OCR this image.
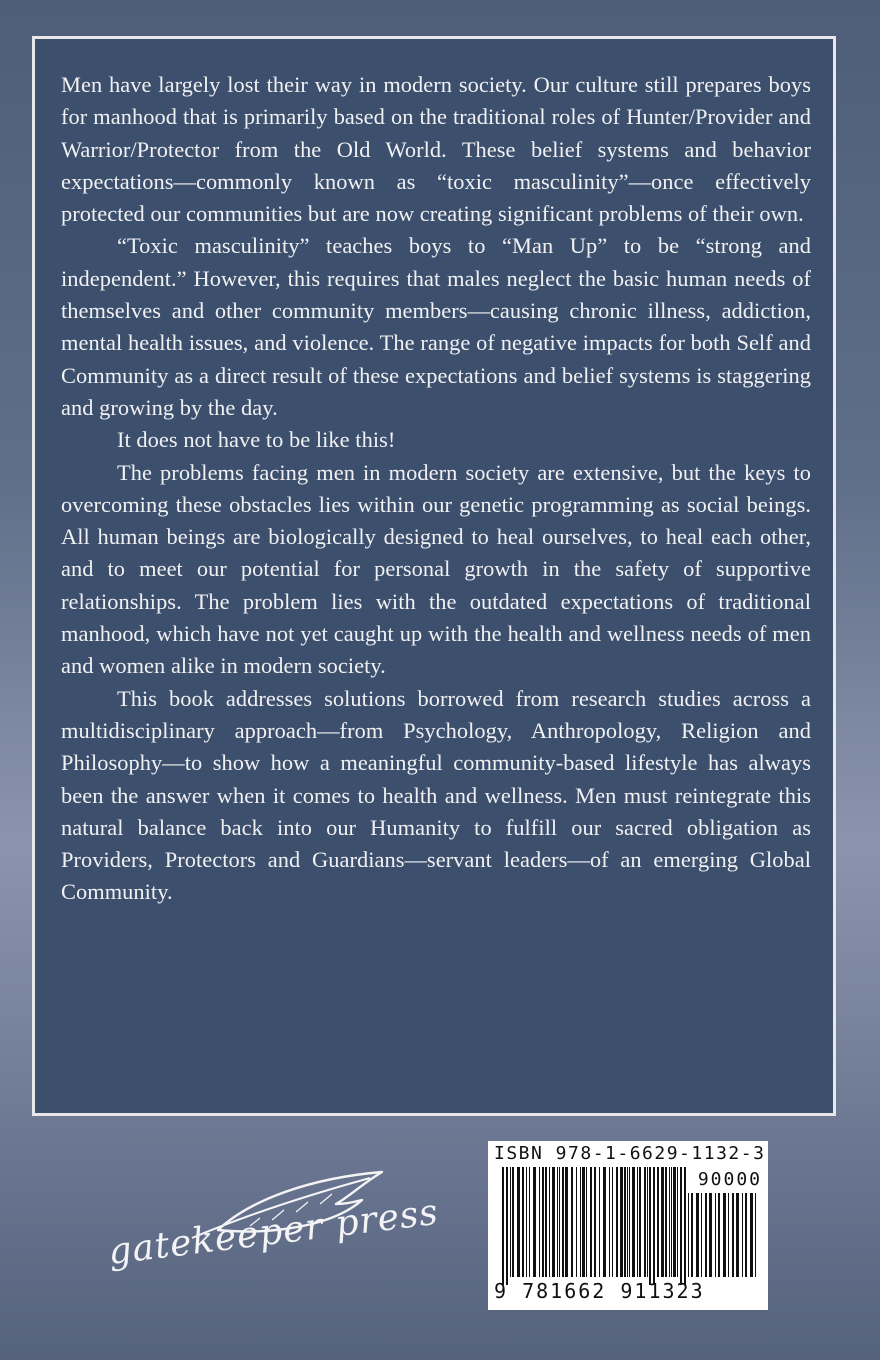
Men have largely lost their way in modern society. Our culture still prepares boys for manhood that is primarily based on the traditional roles of Hunter/Provider and Warrior/Protector from the Old World. These belief systems and behavior expectations—commonly known as “toxic masculinity”—once effectively protected our communities but are now creating significant problems of their own.

“Toxic masculinity” teaches boys to “Man Up” to be “strong and independent.” However, this requires that males neglect the basic human needs of themselves and other community members—causing chronic illness, addiction, mental health issues, and violence. The range of negative impacts for both Self and Community as a direct result of these expectations and belief systems is staggering and growing by the day.

It does not have to be like this!

The problems facing men in modern society are extensive, but the keys to overcoming these obstacles lies within our genetic programming as social beings. All human beings are biologically designed to heal ourselves, to heal each other, and to meet our potential for personal growth in the safety of supportive relationships. The problem lies with the outdated expectations of traditional manhood, which have not yet caught up with the health and wellness needs of men and women alike in modern society.

This book addresses solutions borrowed from research studies across a multidisciplinary approach—from Psychology, Anthropology, Religion and Philosophy—to show how a meaningful community-based lifestyle has always been the answer when it comes to health and wellness. Men must reintegrate this natural balance back into our Humanity to fulfill our sacred obligation as Providers, Protectors and Guardians—servant leaders—of an emerging Global Community.

gatekeeper press
ISBN 978-1-6629-1132-3
90000
9 781662 911323
